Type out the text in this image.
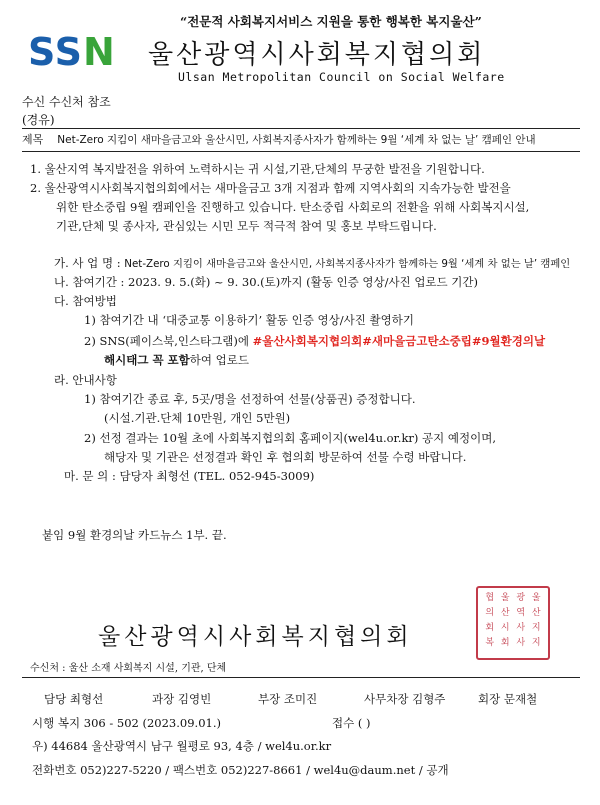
“전문적 사회복지서비스 지원을 통한 행복한 복지울산”
SSN 울산광역시사회복지협의회
Ulsan Metropolitan Council on Social Welfare
수신 수신처 참조
(경유)
제목 Net-Zero 지킴이 새마을금고와 울산시민, 사회복지종사자가 함께하는 9월 ‘세계 차 없는 날’ 캠페인 안내
1. 울산지역 복지발전을 위하여 노력하시는 귀 시설,기관,단체의 무궁한 발전을 기원합니다.
2. 울산광역시사회복지협의회에서는 새마을금고 3개 지점과 함께 지역사회의 지속가능한 발전을
위한 탄소중립 9월 캠페인을 진행하고 있습니다. 탄소중립 사회로의 전환을 위해 사회복지시설,
기관,단체 및 종사자, 관심있는 시민 모두 적극적 참여 및 홍보 부탁드립니다.
가. 사 업 명 : Net-Zero 지킴이 새마을금고와 울산시민, 사회복지종사자가 함께하는 9월 ‘세계 차 없는 날’ 캠페인
나. 참여기간 : 2023. 9. 5.(화) ~ 9. 30.(토)까지 (활동 인증 영상/사진 업로드 기간)
다. 참여방법
1) 참여기간 내 ‘대중교통 이용하기’ 활동 인증 영상/사진 촬영하기
2) SNS(페이스북,인스타그램)에 #울산사회복지협의회#새마을금고탄소중립#9월환경의날
해시태그 꼭 포함하여 업로드
라. 안내사항
1) 참여기간 종료 후, 5곳/명을 선정하여 선물(상품권) 증정합니다.
(시설.기관.단체 10만원, 개인 5만원)
2) 선정 결과는 10월 초에 사회복지협의회 홈페이지(wel4u.or.kr) 공지 예정이며,
해당자 및 기관은 선정결과 확인 후 협의회 방문하여 선물 수령 바랍니다.
마. 문 의 : 담당자 최형선 (TEL. 052-945-3009)
붙임 9월 환경의날 카드뉴스 1부. 끝.
울산광역시사회복지협의회
협 울 광 울
의 산 역 산
회 시 사 지
복 회 사 지
수신처 : 울산 소재 사회복지 시설, 기관, 단체
담당 최형선	과장 김영빈	부장 조미진	사무차장 김형주	회장 문재철
시행 복지 306 - 502 (2023.09.01.)	접수 ( )
우) 44684 울산광역시 남구 월평로 93, 4층 / wel4u.or.kr
전화번호 052)227-5220 / 팩스번호 052)227-8661 / wel4u@daum.net / 공개
